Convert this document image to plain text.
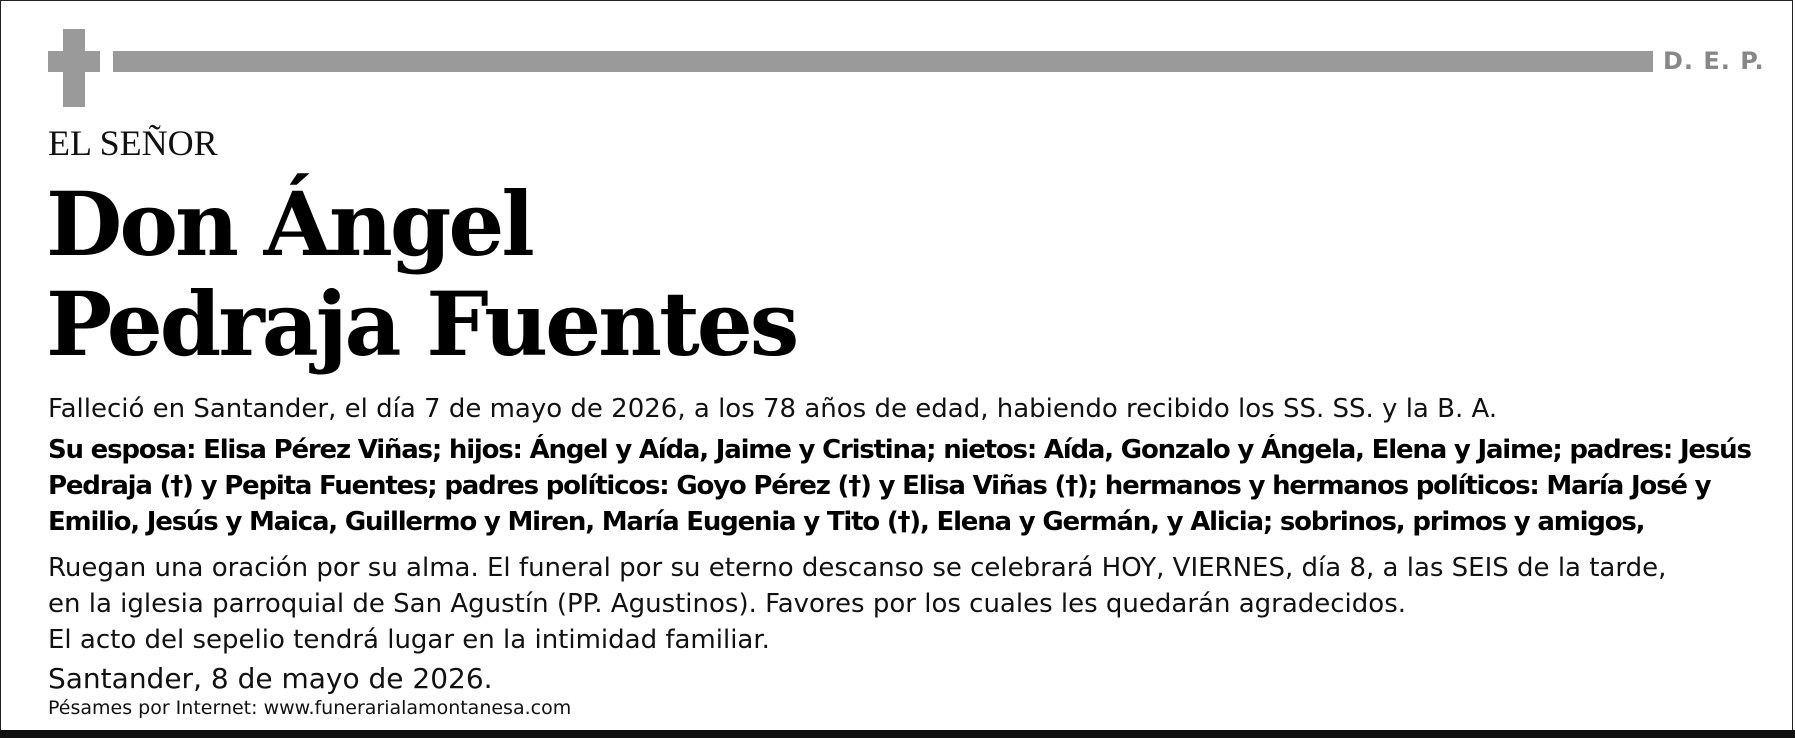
D. E. P.
EL SEÑOR
Don Ángel
Pedraja Fuentes
Falleció en Santander, el día 7 de mayo de 2026, a los 78 años de edad, habiendo recibido los SS. SS. y la B. A.
Su esposa: Elisa Pérez Viñas; hijos: Ángel y Aída, Jaime y Cristina; nietos: Aída, Gonzalo y Ángela, Elena y Jaime; padres: Jesús Pedraja (†) y Pepita Fuentes; padres políticos: Goyo Pérez (†) y Elisa Viñas (†); hermanos y hermanos políticos: María José y Emilio, Jesús y Maica, Guillermo y Miren, María Eugenia y Tito (†), Elena y Germán, y Alicia; sobrinos, primos y amigos,
Ruegan una oración por su alma. El funeral por su eterno descanso se celebrará HOY, VIERNES, día 8, a las SEIS de la tarde,
en la iglesia parroquial de San Agustín (PP. Agustinos). Favores por los cuales les quedarán agradecidos.
El acto del sepelio tendrá lugar en la intimidad familiar.
Santander, 8 de mayo de 2026.
Pésames por Internet: www.funerarialamontanesa.com
